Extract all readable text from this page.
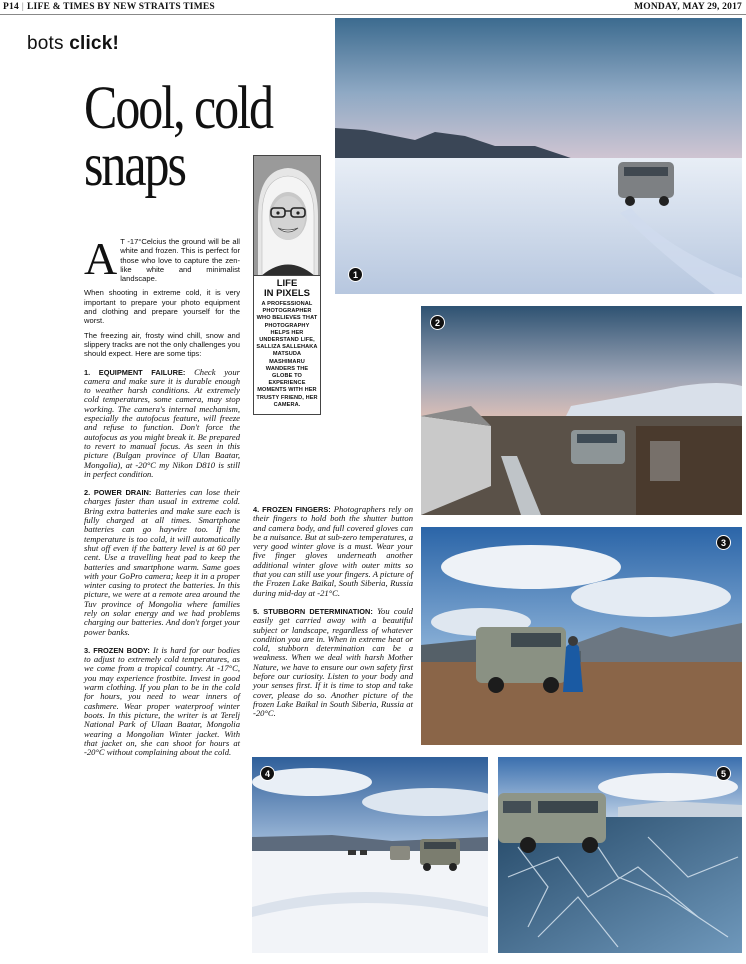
P14 | LIFE & TIMES BY NEW STRAITS TIMES	MONDAY, MAY 29, 2017
bots click!
Cool, cold
snaps
LIFE
IN PIXELS
A PROFESSIONAL PHOTOGRAPHER WHO BELIEVES THAT PHOTOGRAPHY HELPS HER UNDERSTAND LIFE, SALLIZA SALLEHAKA MATSUDA MASHIMARU WANDERS THE GLOBE TO EXPERIENCE MOMENTS WITH HER TRUSTY FRIEND, HER CAMERA.

A T -17°Celcius the ground will be all white and frozen. This is perfect for those who love to capture the zen-like white and minimalist landscape.

When shooting in extreme cold, it is very important to prepare your photo equipment and clothing and prepare yourself for the worst.

The freezing air, frosty wind chill, snow and slippery tracks are not the only challenges you should expect. Here are some tips:

1. EQUIPMENT FAILURE: Check your camera and make sure it is durable enough to weather harsh conditions. At extremely cold temperatures, some camera, may stop working. The camera's internal mechanism, especially the autofocus feature, will freeze and refuse to function. Don't force the autofocus as you might break it. Be prepared to revert to manual focus. As seen in this picture (Bulgan province of Ulan Baatar, Mongolia), at -20°C my Nikon D810 is still in perfect condition.

2. POWER DRAIN: Batteries can lose their charges faster than usual in extreme cold. Bring extra batteries and make sure each is fully charged at all times. Smartphone batteries can go haywire too. If the temperature is too cold, it will automatically shut off even if the battery level is at 60 per cent. Use a travelling heat pad to keep the batteries and smartphone warm. Same goes with your GoPro camera; keep it in a proper winter casing to protect the batteries. In this picture, we were at a remote area around the Tuv province of Mongolia where families rely on solar energy and we had problems charging our batteries. And don't forget your power banks.

3. FROZEN BODY: It is hard for our bodies to adjust to extremely cold temperatures, as we come from a tropical country. At -17°C, you may experience frostbite. Invest in good warm clothing. If you plan to be in the cold for hours, you need to wear inners of cashmere. Wear proper waterproof winter boots. In this picture, the writer is at Terelj National Park of Ulaan Baatar, Mongolia wearing a Mongolian Winter jacket. With that jacket on, she can shoot for hours at -20°C without complaining about the cold.

4. FROZEN FINGERS: Photographers rely on their fingers to hold both the shutter button and camera body, and full covered gloves can be a nuisance. But at sub-zero temperatures, a very good winter glove is a must. Wear your five finger gloves underneath another additional winter glove with outer mitts so that you can still use your fingers. A picture of the Frozen Lake Baikal, South Siberia, Russia during mid-day at -21°C.

5. STUBBORN DETERMINATION: You could easily get carried away with a beautiful subject or landscape, regardless of whatever condition you are in. When in extreme heat or cold, stubborn determination can be a weakness. When we deal with harsh Mother Nature, we have to ensure our own safety first before our curiosity. Listen to your body and your senses first. If it is time to stop and take cover, please do so. Another picture of the frozen Lake Baikal in South Siberia, Russia at -20°C.

1
2
3
4	5
